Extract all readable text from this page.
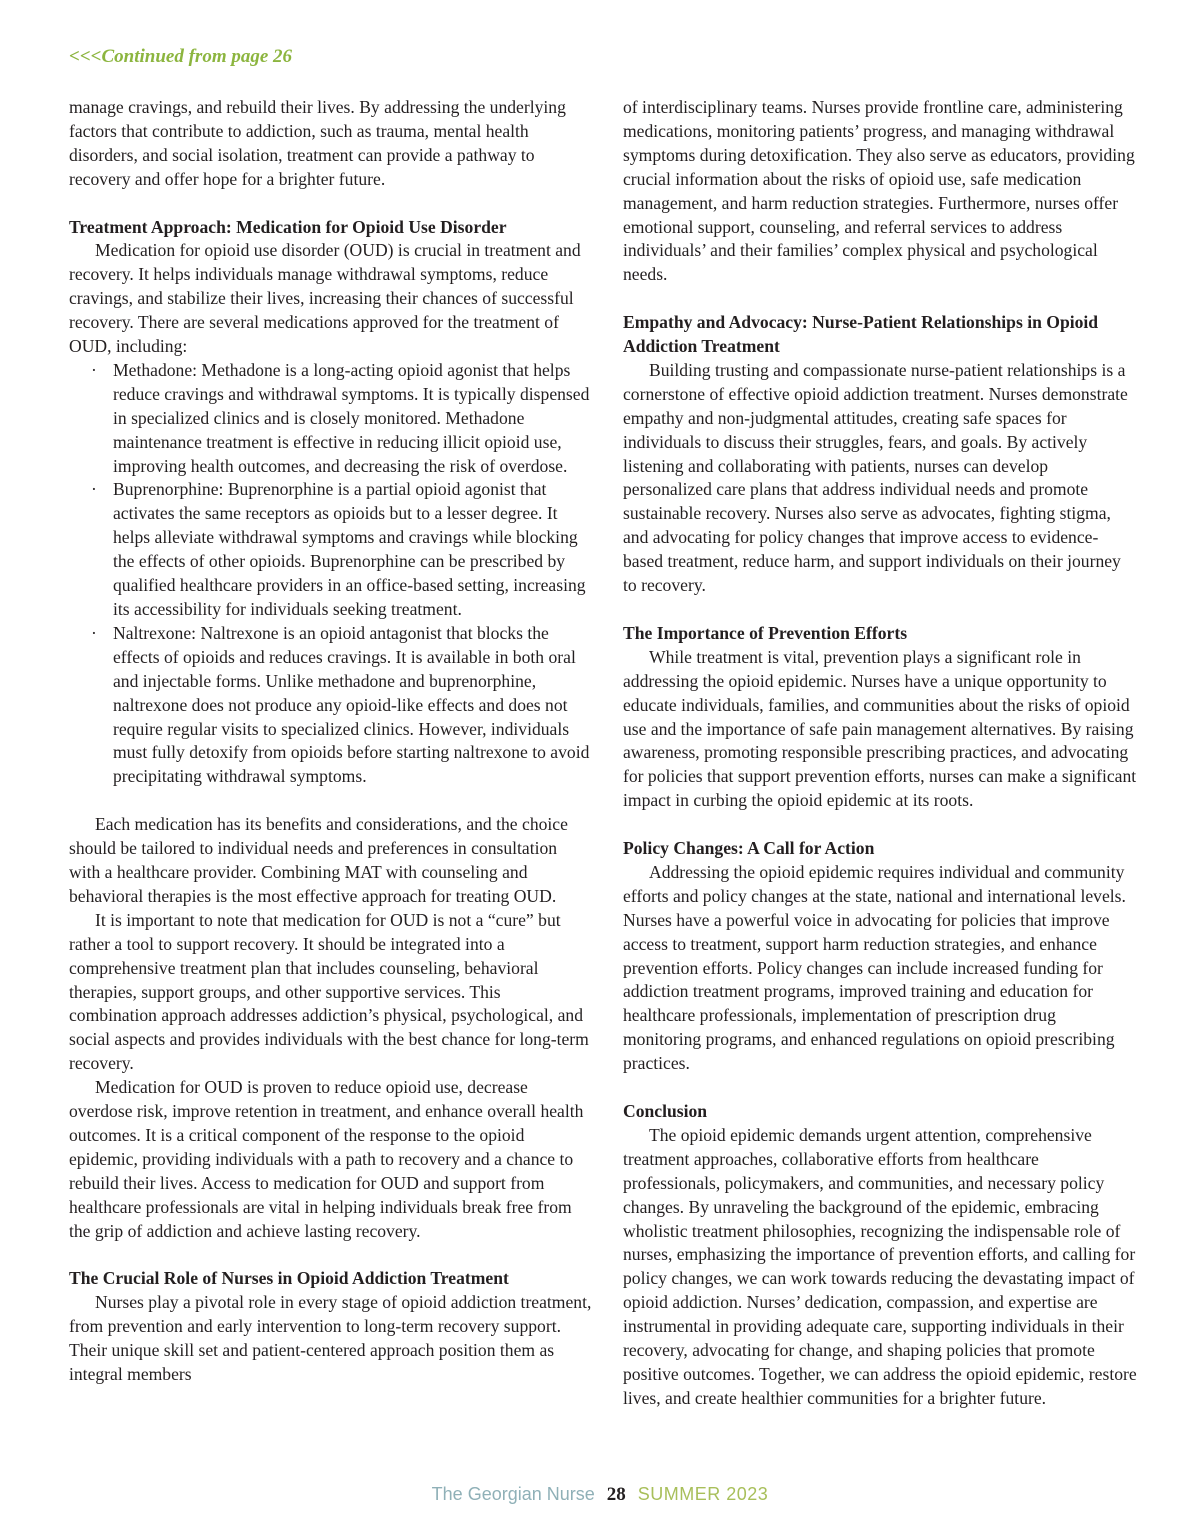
<<<Continued from page 26

manage cravings, and rebuild their lives. By addressing the underlying factors that contribute to addiction, such as trauma, mental health disorders, and social isolation, treatment can provide a pathway to recovery and offer hope for a brighter future.

Treatment Approach: Medication for Opioid Use Disorder

Medication for opioid use disorder (OUD) is crucial in treatment and recovery. It helps individuals manage withdrawal symptoms, reduce cravings, and stabilize their lives, increasing their chances of successful recovery. There are several medications approved for the treatment of OUD, including:

· Methadone: Methadone is a long-acting opioid agonist that helps reduce cravings and withdrawal symptoms. It is typically dispensed in specialized clinics and is closely monitored. Methadone maintenance treatment is effective in reducing illicit opioid use, improving health outcomes, and decreasing the risk of overdose.
· Buprenorphine: Buprenorphine is a partial opioid agonist that activates the same receptors as opioids but to a lesser degree. It helps alleviate withdrawal symptoms and cravings while blocking the effects of other opioids. Buprenorphine can be prescribed by qualified healthcare providers in an office-based setting, increasing its accessibility for individuals seeking treatment.
· Naltrexone: Naltrexone is an opioid antagonist that blocks the effects of opioids and reduces cravings. It is available in both oral and injectable forms. Unlike methadone and buprenorphine, naltrexone does not produce any opioid-like effects and does not require regular visits to specialized clinics. However, individuals must fully detoxify from opioids before starting naltrexone to avoid precipitating withdrawal symptoms.

Each medication has its benefits and considerations, and the choice should be tailored to individual needs and preferences in consultation with a healthcare provider. Combining MAT with counseling and behavioral therapies is the most effective approach for treating OUD.

It is important to note that medication for OUD is not a “cure” but rather a tool to support recovery. It should be integrated into a comprehensive treatment plan that includes counseling, behavioral therapies, support groups, and other supportive services. This combination approach addresses addiction’s physical, psychological, and social aspects and provides individuals with the best chance for long-term recovery.

Medication for OUD is proven to reduce opioid use, decrease overdose risk, improve retention in treatment, and enhance overall health outcomes. It is a critical component of the response to the opioid epidemic, providing individuals with a path to recovery and a chance to rebuild their lives. Access to medication for OUD and support from healthcare professionals are vital in helping individuals break free from the grip of addiction and achieve lasting recovery.

The Crucial Role of Nurses in Opioid Addiction Treatment

Nurses play a pivotal role in every stage of opioid addiction treatment, from prevention and early intervention to long-term recovery support. Their unique skill set and patient-centered approach position them as integral members

of interdisciplinary teams. Nurses provide frontline care, administering medications, monitoring patients’ progress, and managing withdrawal symptoms during detoxification. They also serve as educators, providing crucial information about the risks of opioid use, safe medication management, and harm reduction strategies. Furthermore, nurses offer emotional support, counseling, and referral services to address individuals’ and their families’ complex physical and psychological needs.

Empathy and Advocacy: Nurse-Patient Relationships in Opioid Addiction Treatment

Building trusting and compassionate nurse-patient relationships is a cornerstone of effective opioid addiction treatment. Nurses demonstrate empathy and non-judgmental attitudes, creating safe spaces for individuals to discuss their struggles, fears, and goals. By actively listening and collaborating with patients, nurses can develop personalized care plans that address individual needs and promote sustainable recovery. Nurses also serve as advocates, fighting stigma, and advocating for policy changes that improve access to evidence-based treatment, reduce harm, and support individuals on their journey to recovery.

The Importance of Prevention Efforts

While treatment is vital, prevention plays a significant role in addressing the opioid epidemic. Nurses have a unique opportunity to educate individuals, families, and communities about the risks of opioid use and the importance of safe pain management alternatives. By raising awareness, promoting responsible prescribing practices, and advocating for policies that support prevention efforts, nurses can make a significant impact in curbing the opioid epidemic at its roots.

Policy Changes: A Call for Action

Addressing the opioid epidemic requires individual and community efforts and policy changes at the state, national and international levels. Nurses have a powerful voice in advocating for policies that improve access to treatment, support harm reduction strategies, and enhance prevention efforts. Policy changes can include increased funding for addiction treatment programs, improved training and education for healthcare professionals, implementation of prescription drug monitoring programs, and enhanced regulations on opioid prescribing practices.

Conclusion

The opioid epidemic demands urgent attention, comprehensive treatment approaches, collaborative efforts from healthcare professionals, policymakers, and communities, and necessary policy changes. By unraveling the background of the epidemic, embracing wholistic treatment philosophies, recognizing the indispensable role of nurses, emphasizing the importance of prevention efforts, and calling for policy changes, we can work towards reducing the devastating impact of opioid addiction. Nurses’ dedication, compassion, and expertise are instrumental in providing adequate care, supporting individuals in their recovery, advocating for change, and shaping policies that promote positive outcomes. Together, we can address the opioid epidemic, restore lives, and create healthier communities for a brighter future.

The Georgian Nurse 28 SUMMER 2023
